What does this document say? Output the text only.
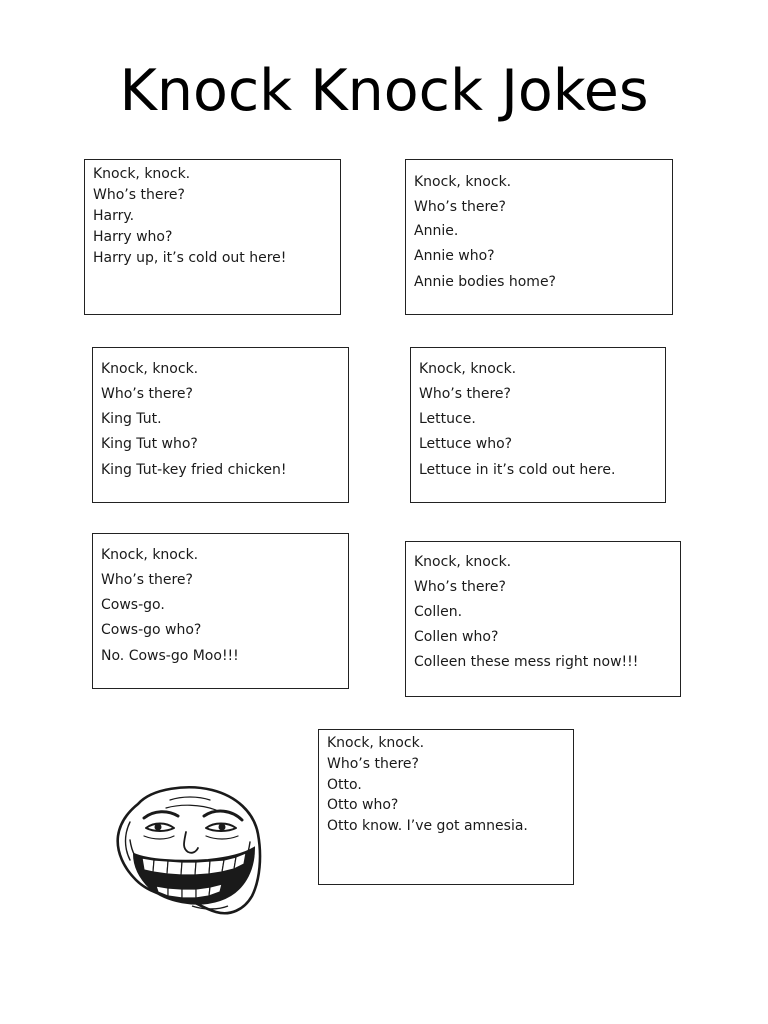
Knock Knock Jokes
Knock, knock.
Who’s there?
Harry.
Harry who?
Harry up, it’s cold out here!
Knock, knock.
Who’s there?
Annie.
Annie who?
Annie bodies home?
Knock, knock.
Who’s there?
King Tut.
King Tut who?
King Tut-key fried chicken!
Knock, knock.
Who’s there?
Lettuce.
Lettuce who?
Lettuce in it’s cold out here.
Knock, knock.
Who’s there?
Cows-go.
Cows-go who?
No. Cows-go Moo!!!
Knock, knock.
Who’s there?
Collen.
Collen who?
Colleen these mess right now!!!
Knock, knock.
Who’s there?
Otto.
Otto who?
Otto know. I’ve got amnesia.
